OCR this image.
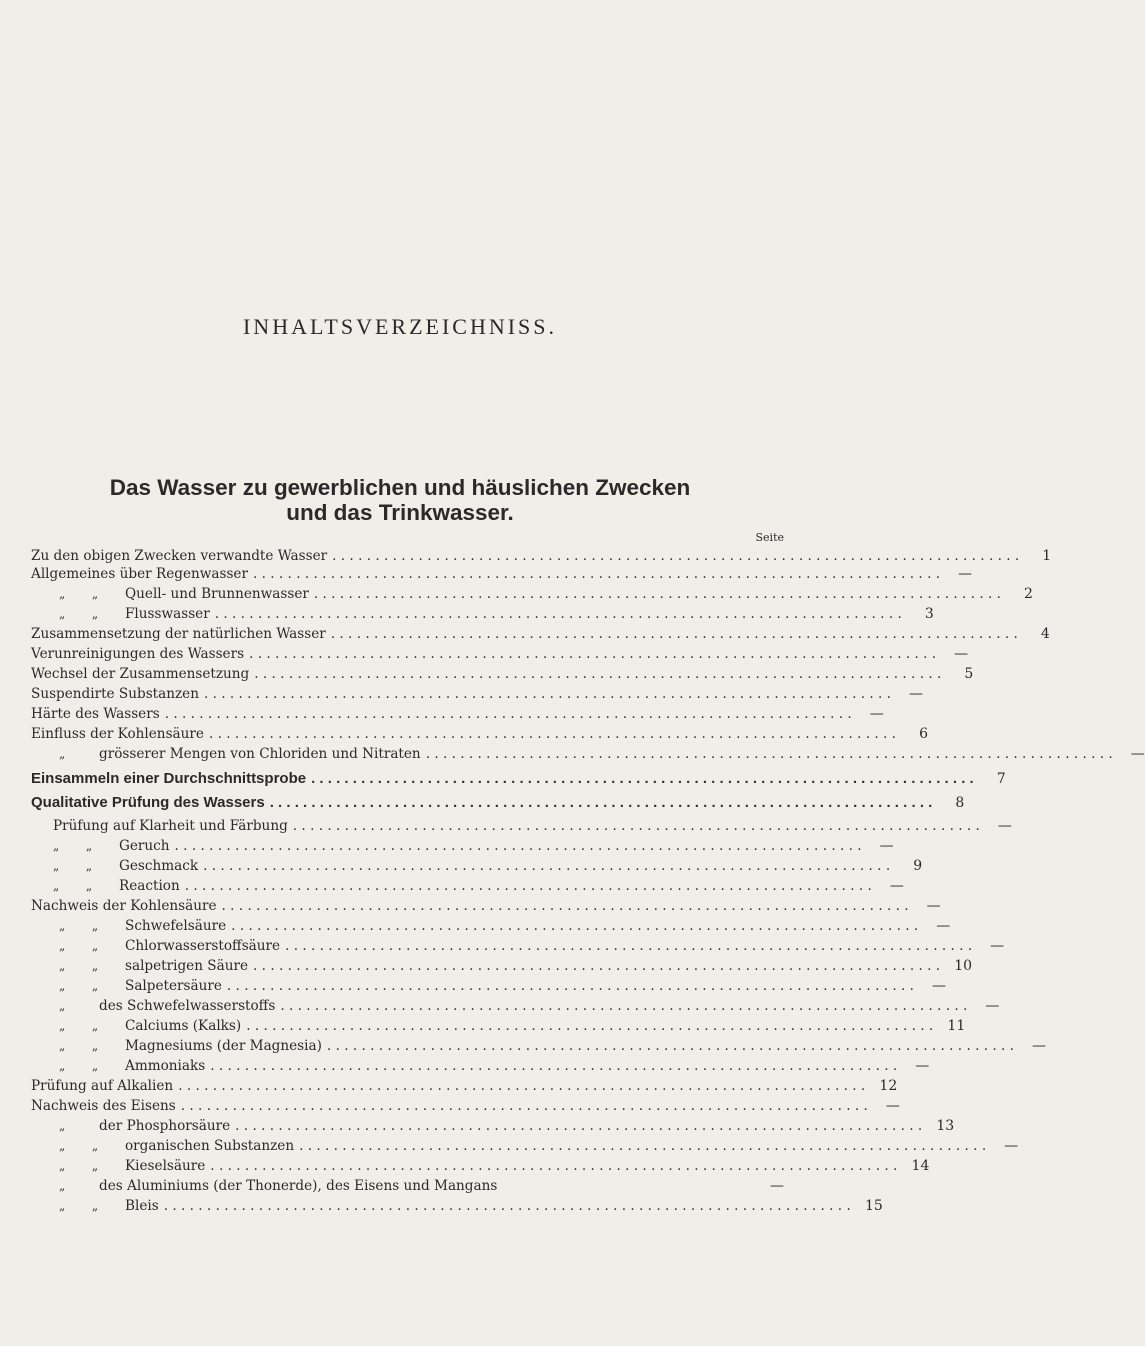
INHALTSVERZEICHNISS.
Das Wasser zu gewerblichen und häuslichen Zwecken
und das Trinkwasser.
Seite
Zu den obigen Zwecken verwandte Wasser . . . . . . . . . . . . . . . . . . . . . . . . . . . . . . . . . . . . . . . . . . . . . . . . . . . . . . . . . . . . . . . . . . . . . . . . . . . . . . . .	1
Allgemeines über Regenwasser . . . . . . . . . . . . . . . . . . . . . . . . . . . . . . . . . . . . . . . . . . . . . . . . . . . . . . . . . . . . . . . . . . . . . . . . . . . . . . . .	—
„       „	Quell- und Brunnenwasser . . . . . . . . . . . . . . . . . . . . . . . . . . . . . . . . . . . . . . . . . . . . . . . . . . . . . . . . . . . . . . . . . . . . . . . . . . . . . . . .	2
„       „	Flusswasser . . . . . . . . . . . . . . . . . . . . . . . . . . . . . . . . . . . . . . . . . . . . . . . . . . . . . . . . . . . . . . . . . . . . . . . . . . . . . . . .	3
Zusammensetzung der natürlichen Wasser . . . . . . . . . . . . . . . . . . . . . . . . . . . . . . . . . . . . . . . . . . . . . . . . . . . . . . . . . . . . . . . . . . . . . . . . . . . . . . . .	4
Verunreinigungen des Wassers . . . . . . . . . . . . . . . . . . . . . . . . . . . . . . . . . . . . . . . . . . . . . . . . . . . . . . . . . . . . . . . . . . . . . . . . . . . . . . . .	—
Wechsel der Zusammensetzung . . . . . . . . . . . . . . . . . . . . . . . . . . . . . . . . . . . . . . . . . . . . . . . . . . . . . . . . . . . . . . . . . . . . . . . . . . . . . . . .	5
Suspendirte Substanzen . . . . . . . . . . . . . . . . . . . . . . . . . . . . . . . . . . . . . . . . . . . . . . . . . . . . . . . . . . . . . . . . . . . . . . . . . . . . . . . .	—
Härte des Wassers . . . . . . . . . . . . . . . . . . . . . . . . . . . . . . . . . . . . . . . . . . . . . . . . . . . . . . . . . . . . . . . . . . . . . . . . . . . . . . . .	—
Einfluss der Kohlensäure . . . . . . . . . . . . . . . . . . . . . . . . . . . . . . . . . . . . . . . . . . . . . . . . . . . . . . . . . . . . . . . . . . . . . . . . . . . . . . . .	6
„	grösserer Mengen von Chloriden und Nitraten . . . . . . . . . . . . . . . . . . . . . . . . . . . . . . . . . . . . . . . . . . . . . . . . . . . . . . . . . . . . . . . . . . . . . . . . . . . . . . . .	—
Einsammeln einer Durchschnittsprobe . . . . . . . . . . . . . . . . . . . . . . . . . . . . . . . . . . . . . . . . . . . . . . . . . . . . . . . . . . . . . . . . . . . . . . . . . . . . . . . .	7
Qualitative Prüfung des Wassers . . . . . . . . . . . . . . . . . . . . . . . . . . . . . . . . . . . . . . . . . . . . . . . . . . . . . . . . . . . . . . . . . . . . . . . . . . . . . . . .	8
Prüfung auf Klarheit und Färbung . . . . . . . . . . . . . . . . . . . . . . . . . . . . . . . . . . . . . . . . . . . . . . . . . . . . . . . . . . . . . . . . . . . . . . . . . . . . . . . .	—
„       „	Geruch . . . . . . . . . . . . . . . . . . . . . . . . . . . . . . . . . . . . . . . . . . . . . . . . . . . . . . . . . . . . . . . . . . . . . . . . . . . . . . . .	—
„       „	Geschmack . . . . . . . . . . . . . . . . . . . . . . . . . . . . . . . . . . . . . . . . . . . . . . . . . . . . . . . . . . . . . . . . . . . . . . . . . . . . . . . .	9
„       „	Reaction . . . . . . . . . . . . . . . . . . . . . . . . . . . . . . . . . . . . . . . . . . . . . . . . . . . . . . . . . . . . . . . . . . . . . . . . . . . . . . . .	—
Nachweis der Kohlensäure . . . . . . . . . . . . . . . . . . . . . . . . . . . . . . . . . . . . . . . . . . . . . . . . . . . . . . . . . . . . . . . . . . . . . . . . . . . . . . . .	—
„       „	Schwefelsäure . . . . . . . . . . . . . . . . . . . . . . . . . . . . . . . . . . . . . . . . . . . . . . . . . . . . . . . . . . . . . . . . . . . . . . . . . . . . . . . .	—
„       „	Chlorwasserstoffsäure . . . . . . . . . . . . . . . . . . . . . . . . . . . . . . . . . . . . . . . . . . . . . . . . . . . . . . . . . . . . . . . . . . . . . . . . . . . . . . . .	—
„       „	salpetrigen Säure . . . . . . . . . . . . . . . . . . . . . . . . . . . . . . . . . . . . . . . . . . . . . . . . . . . . . . . . . . . . . . . . . . . . . . . . . . . . . . . .	10
„       „	Salpetersäure . . . . . . . . . . . . . . . . . . . . . . . . . . . . . . . . . . . . . . . . . . . . . . . . . . . . . . . . . . . . . . . . . . . . . . . . . . . . . . . .	—
„	des Schwefelwasserstoffs . . . . . . . . . . . . . . . . . . . . . . . . . . . . . . . . . . . . . . . . . . . . . . . . . . . . . . . . . . . . . . . . . . . . . . . . . . . . . . . .	—
„       „	Calciums (Kalks) . . . . . . . . . . . . . . . . . . . . . . . . . . . . . . . . . . . . . . . . . . . . . . . . . . . . . . . . . . . . . . . . . . . . . . . . . . . . . . . .	11
„       „	Magnesiums (der Magnesia) . . . . . . . . . . . . . . . . . . . . . . . . . . . . . . . . . . . . . . . . . . . . . . . . . . . . . . . . . . . . . . . . . . . . . . . . . . . . . . . .	—
„       „	Ammoniaks . . . . . . . . . . . . . . . . . . . . . . . . . . . . . . . . . . . . . . . . . . . . . . . . . . . . . . . . . . . . . . . . . . . . . . . . . . . . . . . .	—
Prüfung auf Alkalien . . . . . . . . . . . . . . . . . . . . . . . . . . . . . . . . . . . . . . . . . . . . . . . . . . . . . . . . . . . . . . . . . . . . . . . . . . . . . . . .	12
Nachweis des Eisens . . . . . . . . . . . . . . . . . . . . . . . . . . . . . . . . . . . . . . . . . . . . . . . . . . . . . . . . . . . . . . . . . . . . . . . . . . . . . . . .	—
„	der Phosphorsäure . . . . . . . . . . . . . . . . . . . . . . . . . . . . . . . . . . . . . . . . . . . . . . . . . . . . . . . . . . . . . . . . . . . . . . . . . . . . . . . .	13
„       „	organischen Substanzen . . . . . . . . . . . . . . . . . . . . . . . . . . . . . . . . . . . . . . . . . . . . . . . . . . . . . . . . . . . . . . . . . . . . . . . . . . . . . . . .	—
„       „	Kieselsäure . . . . . . . . . . . . . . . . . . . . . . . . . . . . . . . . . . . . . . . . . . . . . . . . . . . . . . . . . . . . . . . . . . . . . . . . . . . . . . . .	14
„	des Aluminiums (der Thonerde), des Eisens und Mangans	—
„       „	Bleis . . . . . . . . . . . . . . . . . . . . . . . . . . . . . . . . . . . . . . . . . . . . . . . . . . . . . . . . . . . . . . . . . . . . . . . . . . . . . . . .	15
